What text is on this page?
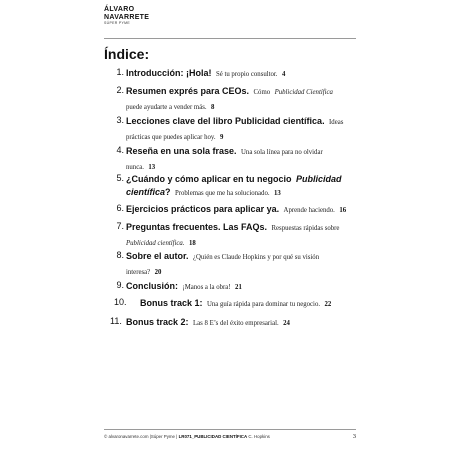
ÁLVARO
NAVARRETE
SÚPER PYME
Índice:
1. Introducción: ¡Hola! Sé tu propio consultor. 4
2. Resumen exprés para CEOs. Cómo Publicidad Científica
puede ayudarte a vender más. 8
3. Lecciones clave del libro Publicidad científica. Ideas
prácticas que puedes aplicar hoy. 9
4. Reseña en una sola frase. Una sola línea para no olvidar
nunca. 13
5. ¿Cuándo y cómo aplicar en tu negocio Publicidad
científica? Problemas que me ha solucionado. 13
6. Ejercicios prácticos para aplicar ya. Aprende haciendo. 16
7. Preguntas frecuentes. Las FAQs. Respuestas rápidas sobre
Publicidad científica. 18
8. Sobre el autor. ¿Quién es Claude Hopkins y por qué su visión
interesa? 20
9. Conclusión: ¡Manos a la obra! 21
10.	Bonus track 1: Una guía rápida para dominar tu negocio. 22
11. Bonus track 2: Las 8 E’s del éxito empresarial. 24
© alvaronavarrete.com |Súper Pyme | LR071_PUBLICIDAD CIENTÍFICA C. Hopkins	3
